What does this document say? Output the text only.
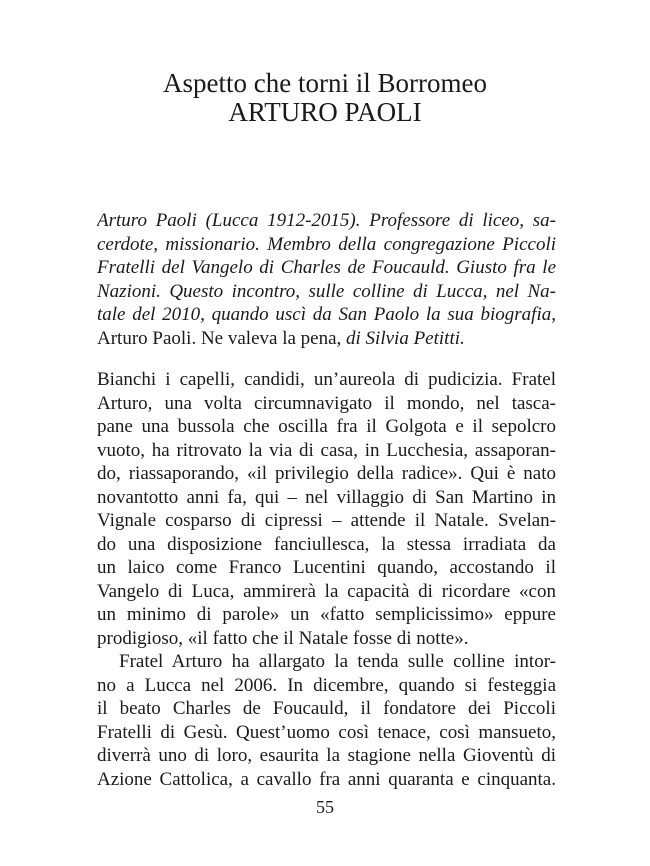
Aspetto che torni il Borromeo
ARTURO PAOLI
Arturo Paoli (Lucca 1912-2015). Professore di liceo, sa-
cerdote, missionario. Membro della congregazione Piccoli
Fratelli del Vangelo di Charles de Foucauld. Giusto fra le
Nazioni. Questo incontro, sulle colline di Lucca, nel Na-
tale del 2010, quando uscì da San Paolo la sua biografia,
Arturo Paoli. Ne valeva la pena, di Silvia Petitti.
Bianchi i capelli, candidi, un’aureola di pudicizia. Fratel
Arturo, una volta circumnavigato il mondo, nel tasca-
pane una bussola che oscilla fra il Golgota e il sepolcro
vuoto, ha ritrovato la via di casa, in Lucchesia, assaporan-
do, riassaporando, «il privilegio della radice». Qui è nato
novantotto anni fa, qui – nel villaggio di San Martino in
Vignale cosparso di cipressi – attende il Natale. Svelan-
do una disposizione fanciullesca, la stessa irradiata da
un laico come Franco Lucentini quando, accostando il
Vangelo di Luca, ammirerà la capacità di ricordare «con
un minimo di parole» un «fatto semplicissimo» eppure
prodigioso, «il fatto che il Natale fosse di notte».
Fratel Arturo ha allargato la tenda sulle colline intor-
no a Lucca nel 2006. In dicembre, quando si festeggia
il beato Charles de Foucauld, il fondatore dei Piccoli
Fratelli di Gesù. Quest’uomo così tenace, così mansueto,
diverrà uno di loro, esaurita la stagione nella Gioventù di
Azione Cattolica, a cavallo fra anni quaranta e cinquanta.
55
